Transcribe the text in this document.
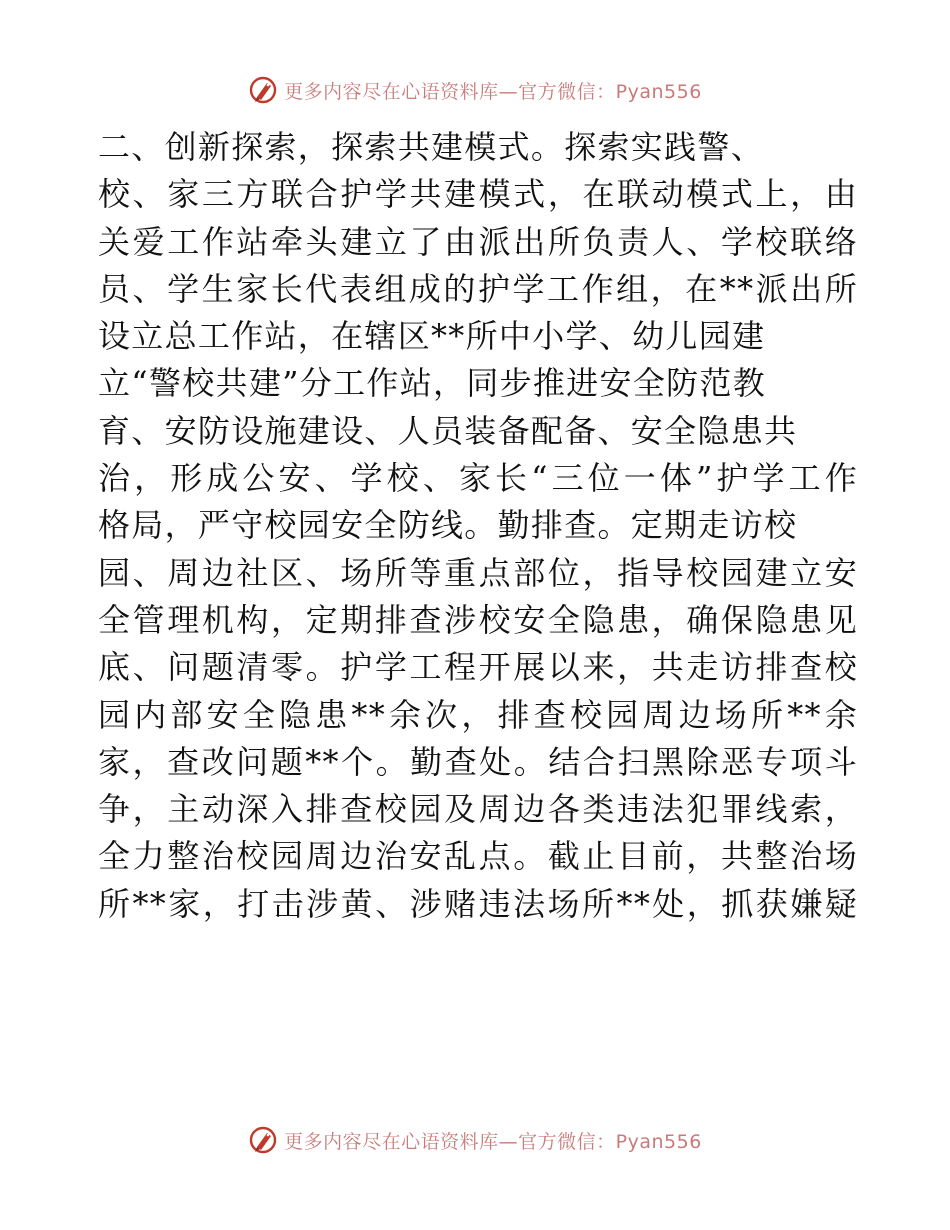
更多内容尽在心语资料库—官方微信：Pyan556
二、创新探索，探索共建模式。探索实践警、
校、家三方联合护学共建模式，在联动模式上，由
关爱工作站牵头建立了由派出所负责人、学校联络
员、学生家长代表组成的护学工作组，在**派出所
设立总工作站，在辖区**所中小学、幼儿园建
立“警校共建”分工作站，同步推进安全防范教
育、安防设施建设、人员装备配备、安全隐患共
治，形成公安、学校、家长“三位一体”护学工作
格局，严守校园安全防线。勤排查。定期走访校
园、周边社区、场所等重点部位，指导校园建立安
全管理机构，定期排查涉校安全隐患，确保隐患见
底、问题清零。护学工程开展以来，共走访排查校
园内部安全隐患**余次，排查校园周边场所**余
家，查改问题**个。勤查处。结合扫黑除恶专项斗
争，主动深入排查校园及周边各类违法犯罪线索，
全力整治校园周边治安乱点。截止目前，共整治场
所**家，打击涉黄、涉赌违法场所**处，抓获嫌疑
更多内容尽在心语资料库—官方微信：Pyan556
